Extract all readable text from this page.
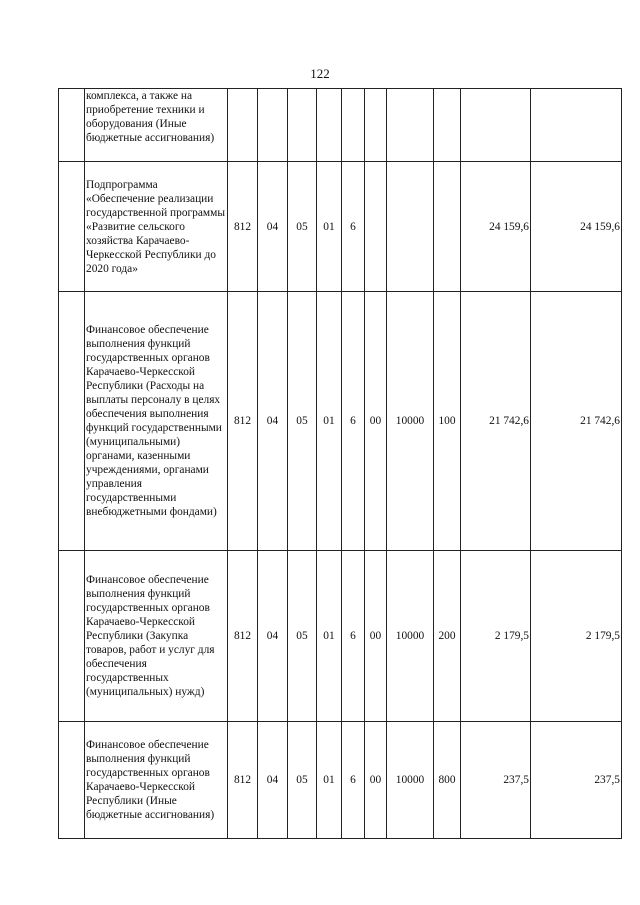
122
	комплекса, а также на приобретение техники и оборудования (Иные бюджетные ассигнования)										
	Подпрограмма «Обеспечение реализации государственной программы «Развитие сельского хозяйства Карачаево-Черкесской Республики до 2020 года»	812	04	05	01	6				24 159,6	24 159,6
	Финансовое обеспечение выполнения функций государственных органов Карачаево-Черкесской Республики (Расходы на выплаты персоналу в целях обеспечения выполнения функций государственными (муниципальными) органами, казенными учреждениями, органами управления государственными внебюджетными фондами)	812	04	05	01	6	00	10000	100	21 742,6	21 742,6
	Финансовое обеспечение выполнения функций государственных органов Карачаево-Черкесской Республики (Закупка товаров, работ и услуг для обеспечения государственных (муниципальных) нужд)	812	04	05	01	6	00	10000	200	2 179,5	2 179,5
	Финансовое обеспечение выполнения функций государственных органов Карачаево-Черкесской Республики (Иные бюджетные ассигнования)	812	04	05	01	6	00	10000	800	237,5	237,5
